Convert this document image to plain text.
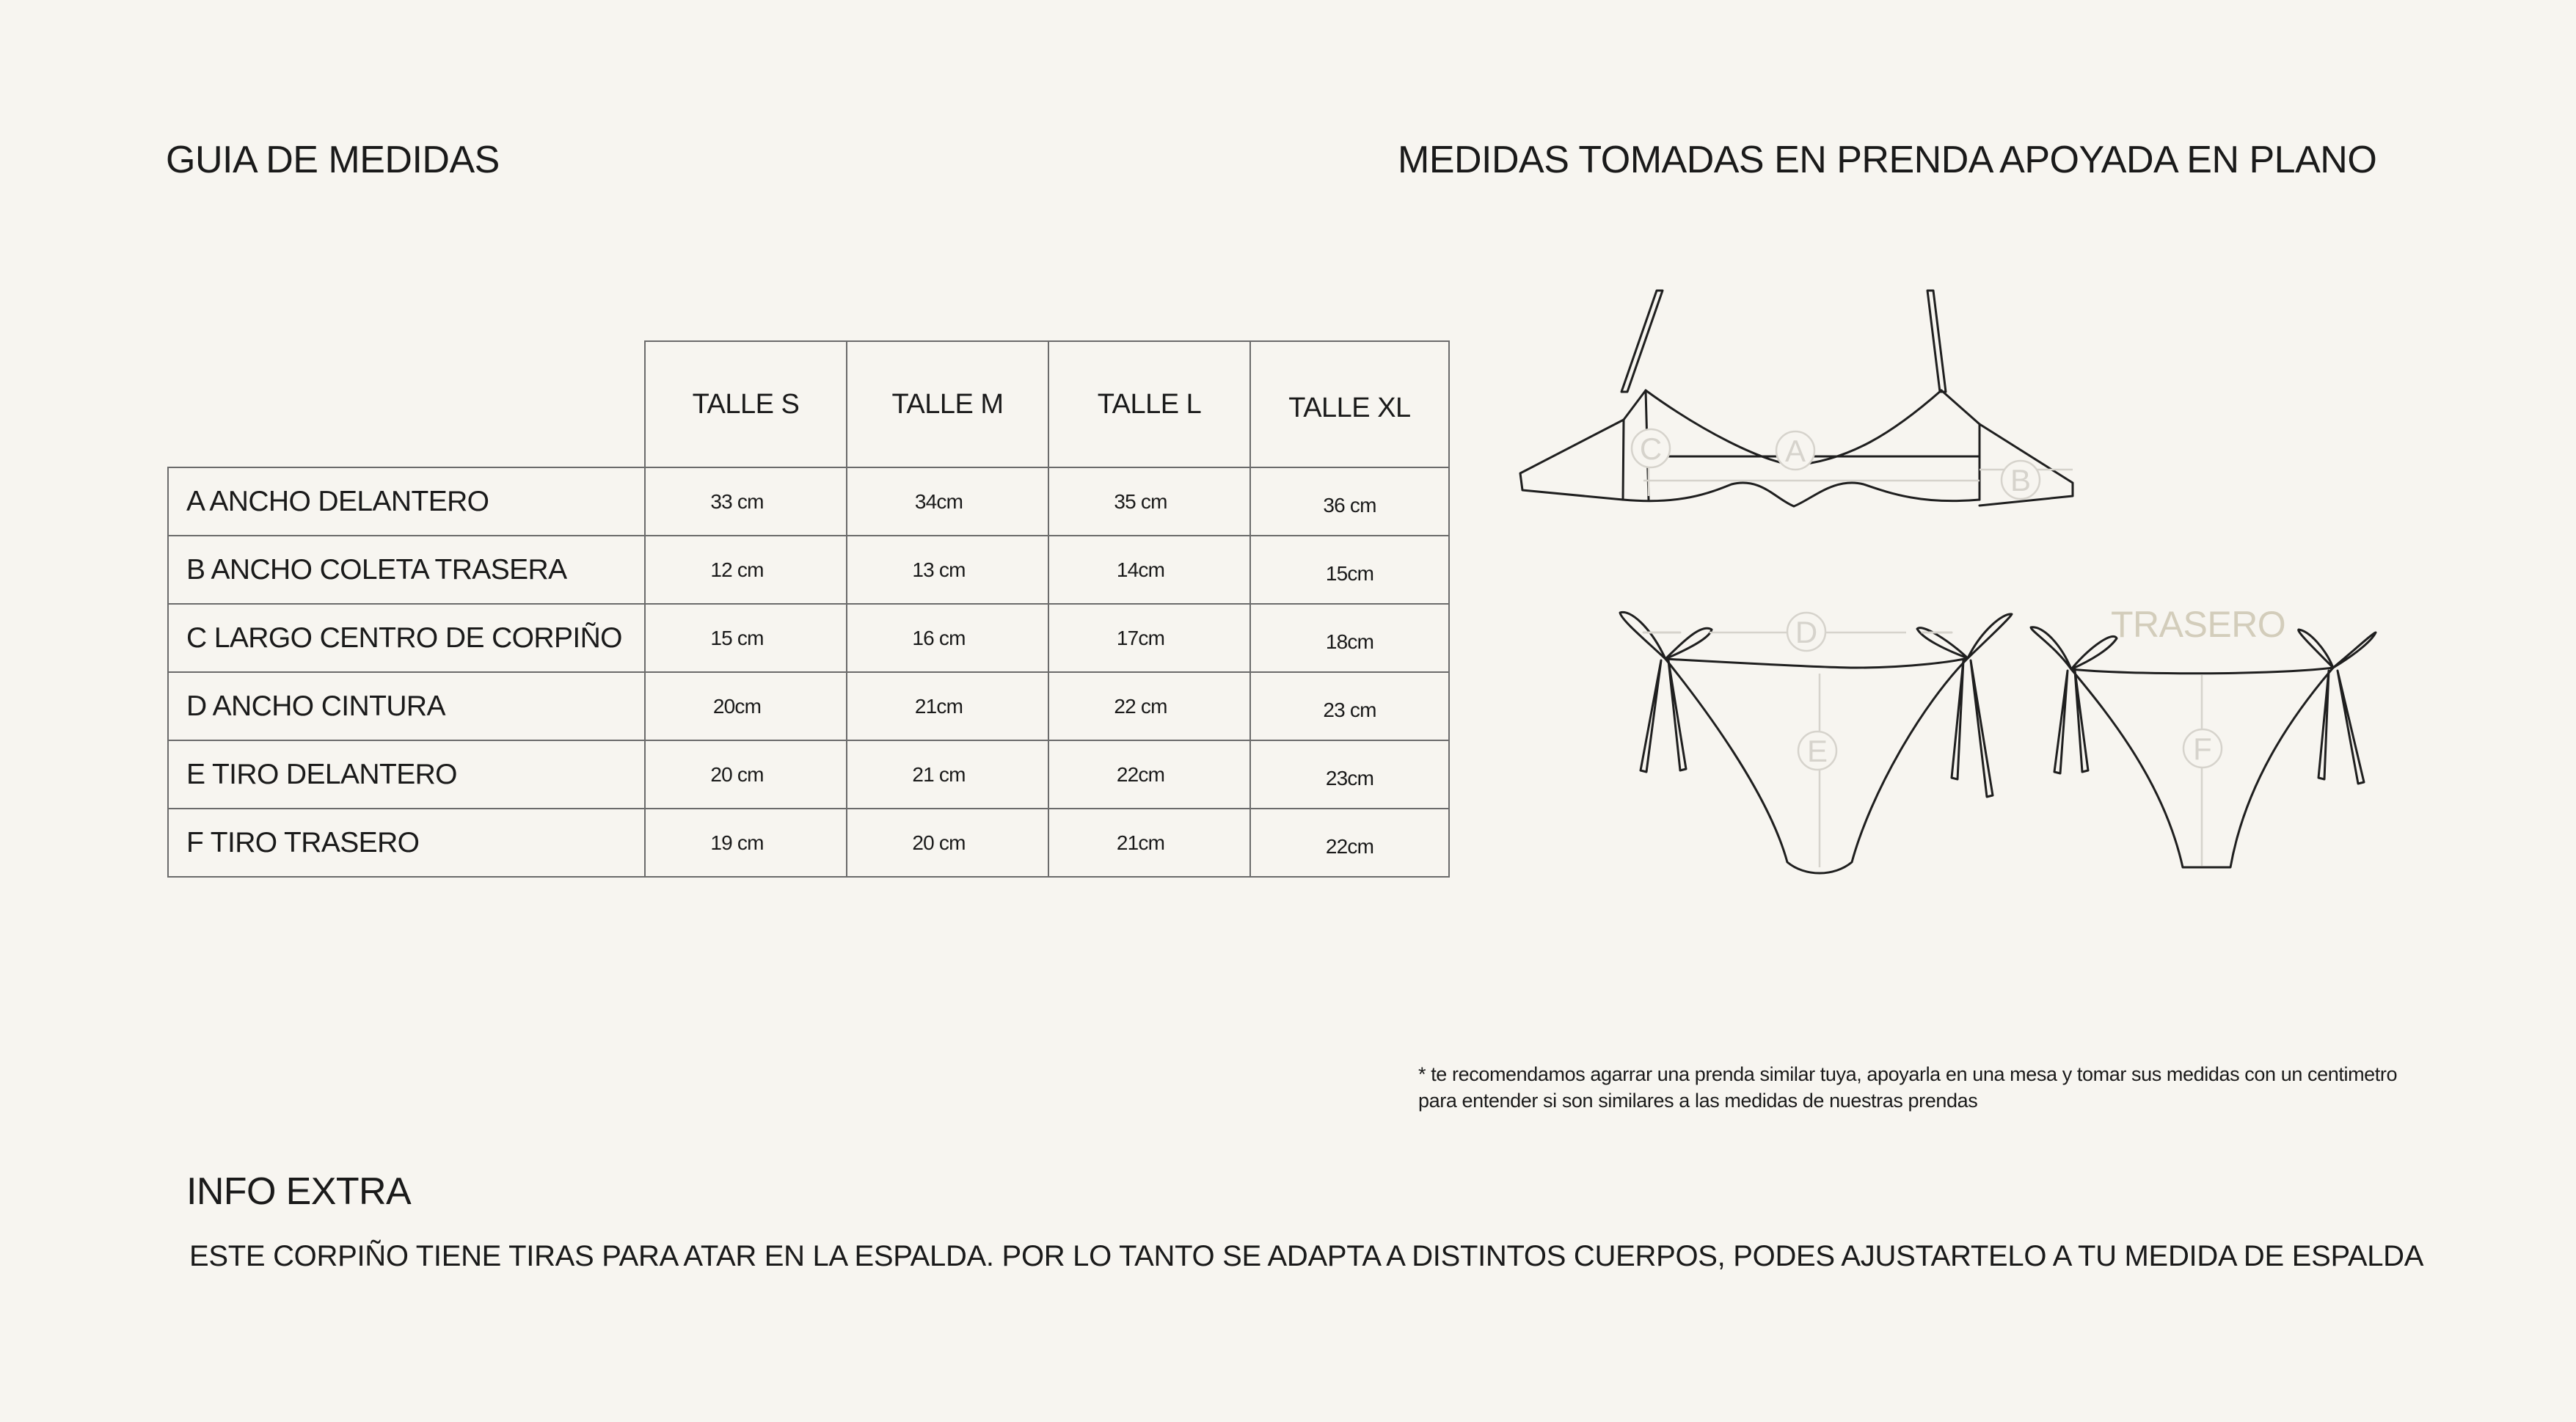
GUIA DE MEDIDAS	MEDIDAS TOMADAS EN PRENDA APOYADA EN PLANO
	TALLE S	TALLE M	TALLE L	TALLE XL
A ANCHO DELANTERO	33 cm	34cm	35 cm	36 cm
B ANCHO COLETA TRASERA	12 cm	13 cm	14cm	15cm
C LARGO CENTRO DE CORPIÑO	15 cm	16 cm	17cm	18cm
D ANCHO CINTURA	20cm	21cm	22 cm	23 cm
E TIRO DELANTERO	20 cm	21 cm	22cm	23cm
F TIRO TRASERO	19 cm	20 cm	21cm	22cm
C	A
B
D
E	F
TRASERO
* te recomendamos agarrar una prenda similar tuya, apoyarla en una mesa y tomar sus medidas con un centimetro
para entender si son similares a las medidas de nuestras prendas
INFO EXTRA
ESTE CORPIÑO TIENE TIRAS PARA ATAR EN LA ESPALDA. POR LO TANTO SE ADAPTA A DISTINTOS CUERPOS, PODES AJUSTARTELO A TU MEDIDA DE ESPALDA
